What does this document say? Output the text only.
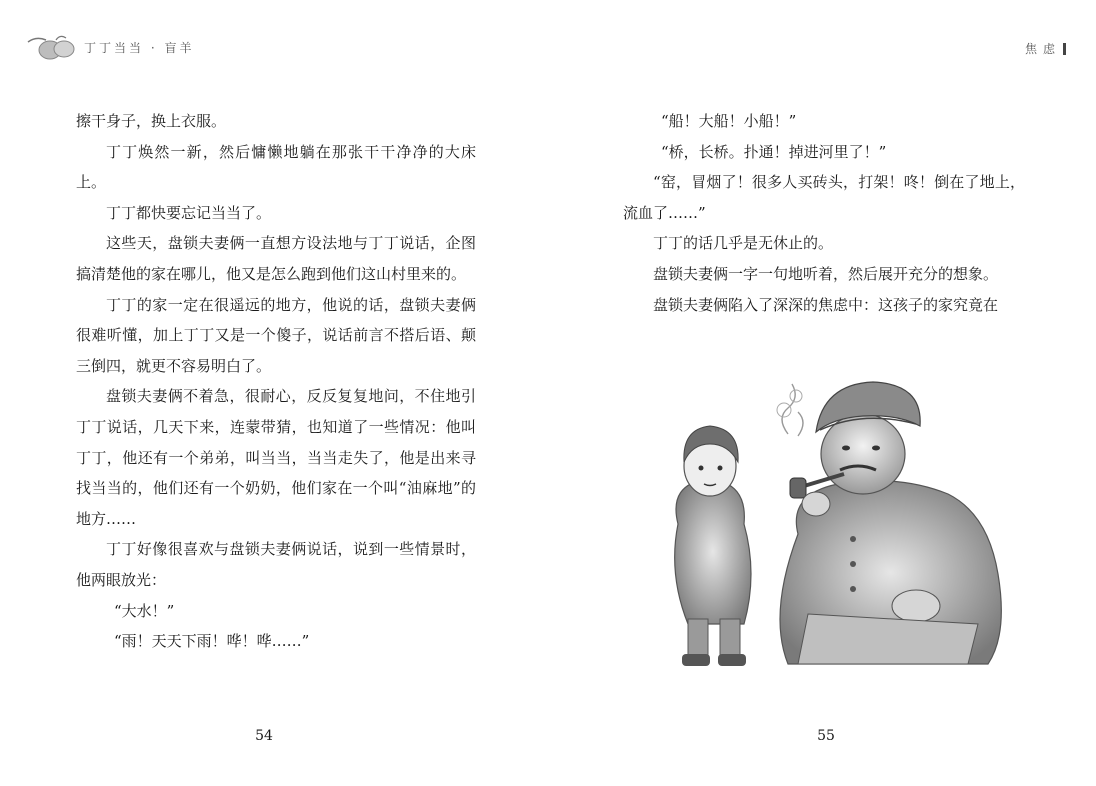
丁丁当当 · 盲羊

擦干身子，换上衣服。

丁丁焕然一新，然后慵懒地躺在那张干干净净的大床上。

丁丁都快要忘记当当了。

这些天，盘锁夫妻俩一直想方设法地与丁丁说话，企图搞清楚他的家在哪儿，他又是怎么跑到他们这山村里来的。

丁丁的家一定在很遥远的地方，他说的话，盘锁夫妻俩很难听懂，加上丁丁又是一个傻子，说话前言不搭后语、颠三倒四，就更不容易明白了。

盘锁夫妻俩不着急，很耐心，反反复复地问，不住地引丁丁说话，几天下来，连蒙带猜，也知道了一些情况：他叫丁丁，他还有一个弟弟，叫当当，当当走失了，他是出来寻找当当的，他们还有一个奶奶，他们家在一个叫“油麻地”的地方……

丁丁好像很喜欢与盘锁夫妻俩说话，说到一些情景时，他两眼放光：

“大水！”

“雨！天天下雨！哗！哗……”

54
焦虑

“船！大船！小船！”

“桥，长桥。扑通！掉进河里了！”

“窑，冒烟了！很多人买砖头，打架！咚！倒在了地上，流血了……”

丁丁的话几乎是无休止的。

盘锁夫妻俩一字一句地听着，然后展开充分的想象。

盘锁夫妻俩陷入了深深的焦虑中：这孩子的家究竟在

55
